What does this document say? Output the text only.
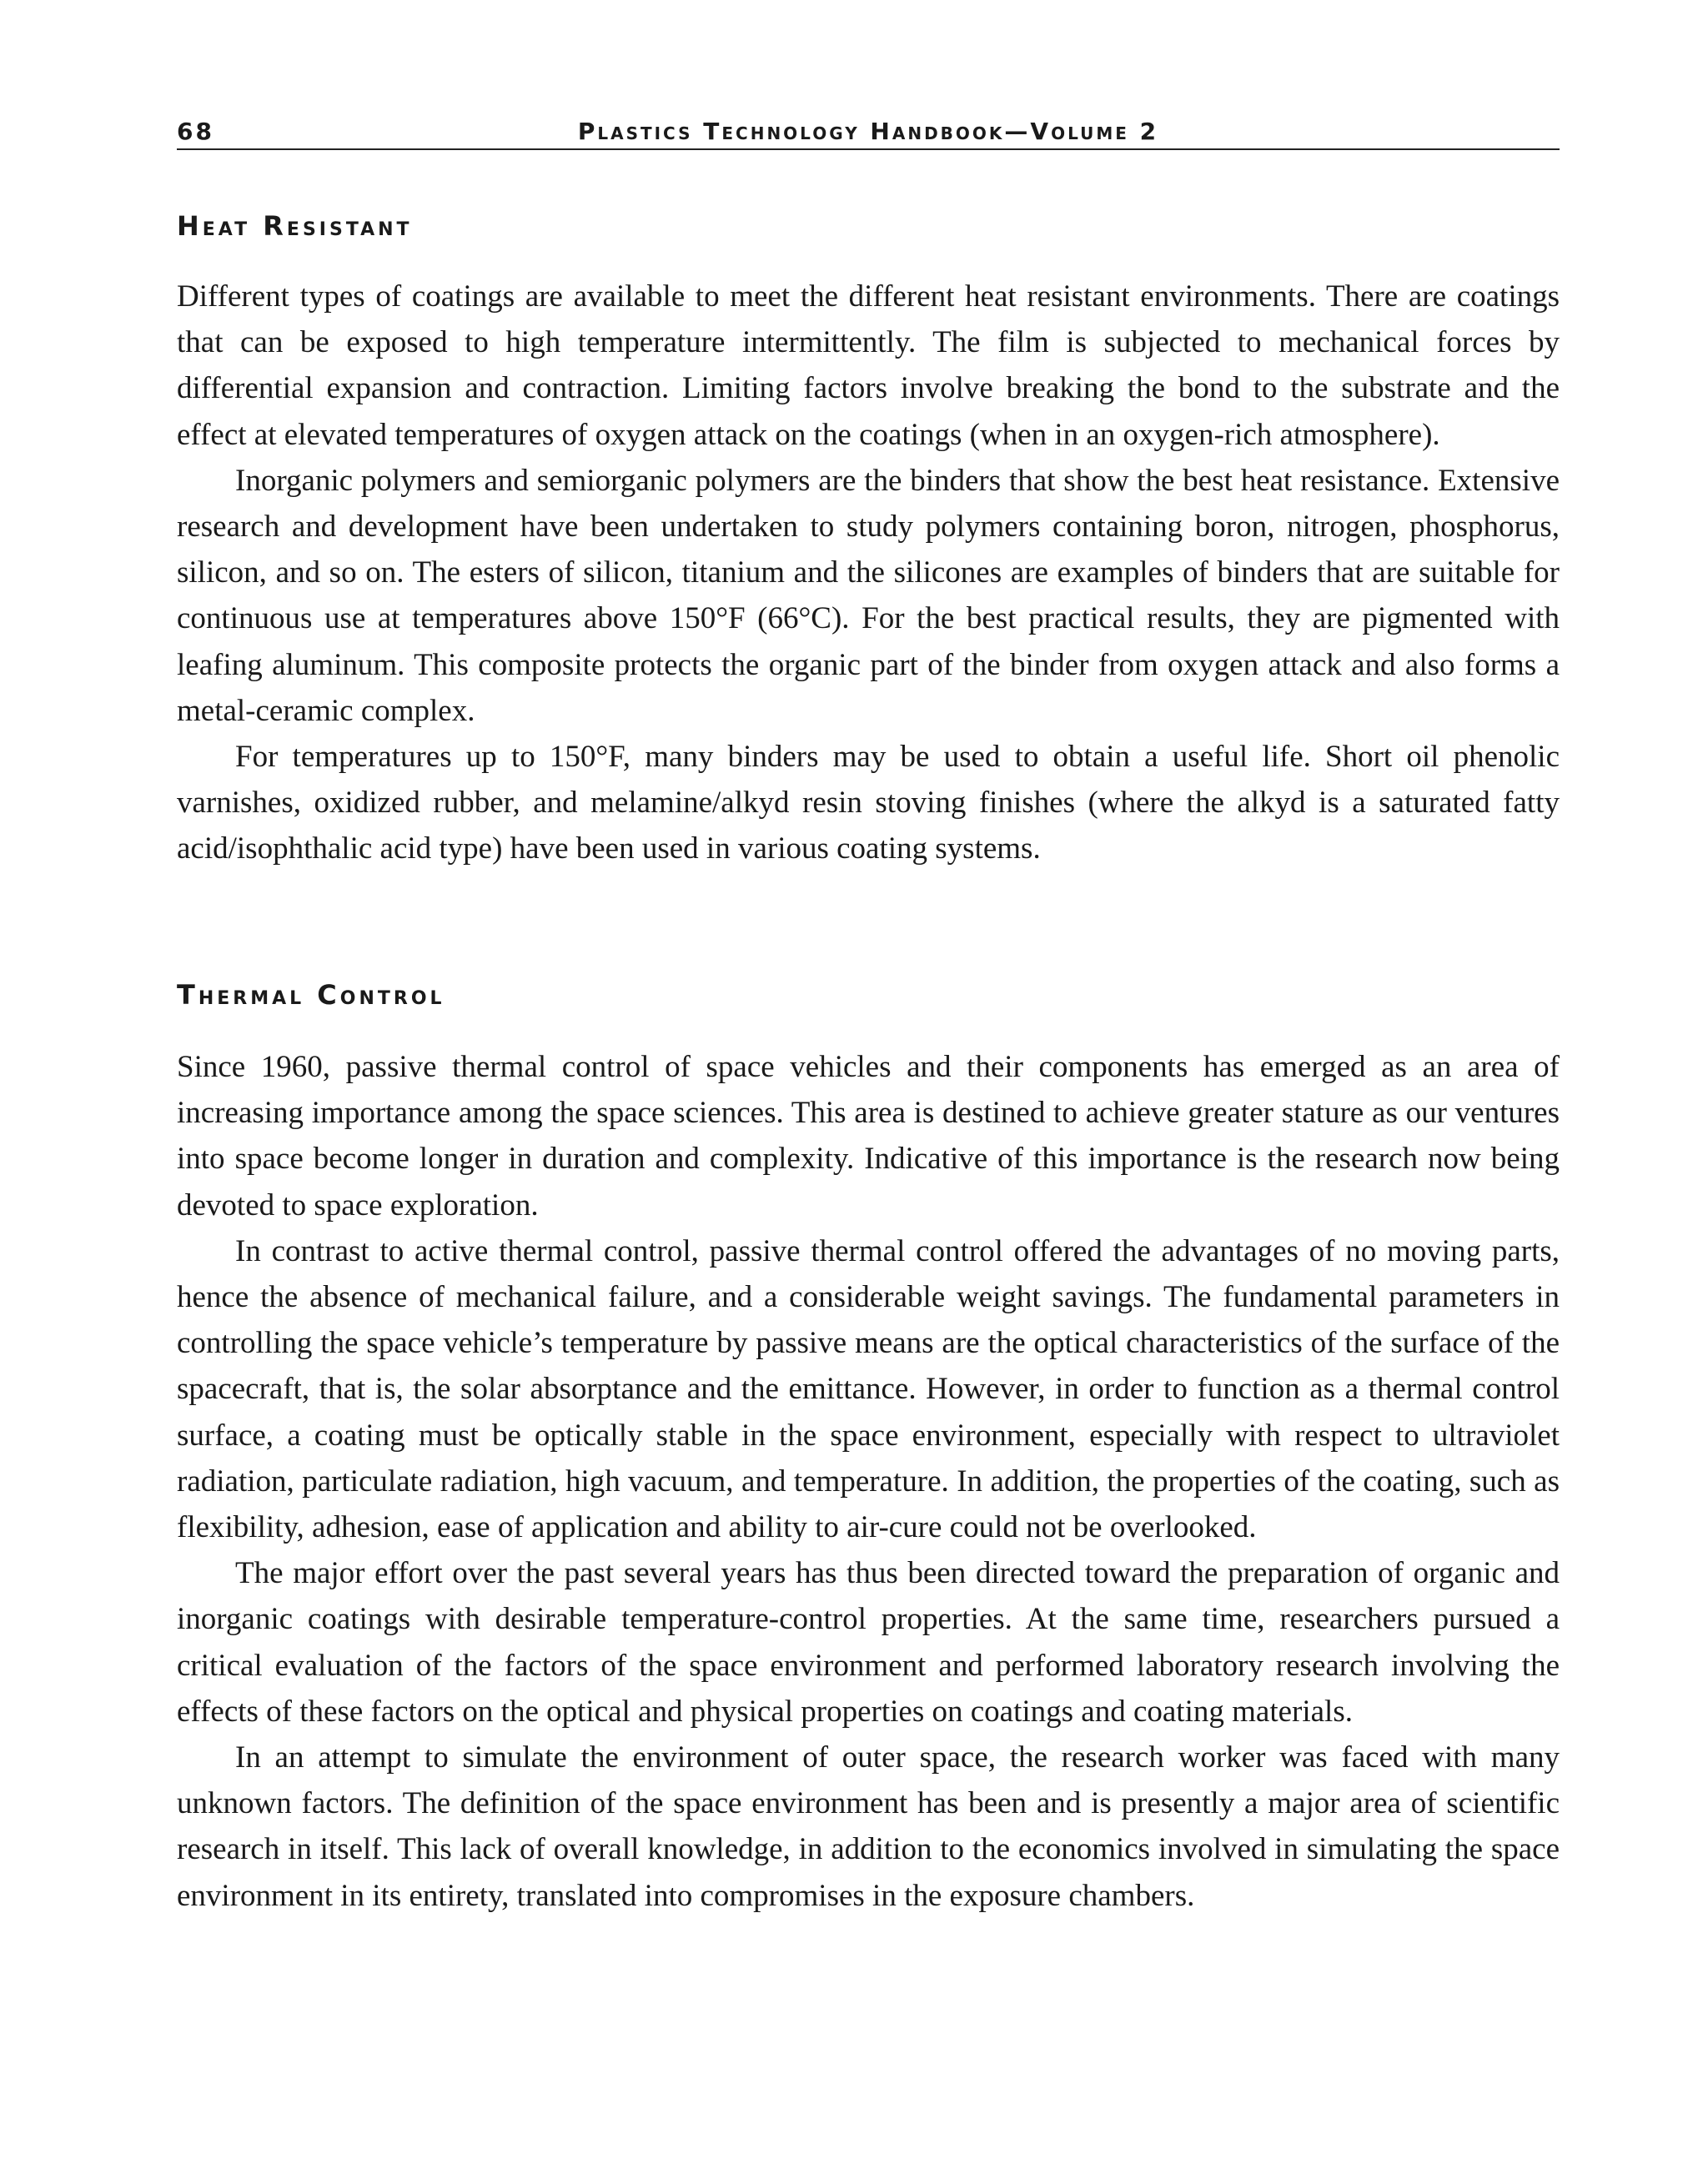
68	Plastics Technology Handbook—Volume 2
Heat Resistant

Different types of coatings are available to meet the different heat resistant environments. There are coatings that can be exposed to high temperature intermittently. The film is subjected to mechanical forces by differential expansion and contraction. Limiting factors involve breaking the bond to the substrate and the effect at elevated temperatures of oxygen attack on the coatings (when in an oxygen-rich atmosphere).

Inorganic polymers and semiorganic polymers are the binders that show the best heat resistance. Extensive research and development have been undertaken to study polymers containing boron, nitrogen, phosphorus, silicon, and so on. The esters of silicon, titanium and the silicones are examples of binders that are suitable for continuous use at temperatures above 150°F (66°C). For the best practical results, they are pigmented with leafing aluminum. This composite protects the organic part of the binder from oxygen attack and also forms a metal-ceramic complex.

For temperatures up to 150°F, many binders may be used to obtain a useful life. Short oil phenolic varnishes, oxidized rubber, and melamine/alkyd resin stoving finishes (where the alkyd is a saturated fatty acid/isophthalic acid type) have been used in various coating systems.

Thermal Control

Since 1960, passive thermal control of space vehicles and their components has emerged as an area of increasing importance among the space sciences. This area is destined to achieve greater stature as our ventures into space become longer in duration and complexity. Indicative of this importance is the research now being devoted to space exploration.

In contrast to active thermal control, passive thermal control offered the advantages of no moving parts, hence the absence of mechanical failure, and a considerable weight savings. The fundamental parameters in controlling the space vehicle’s temperature by passive means are the optical characteristics of the surface of the spacecraft, that is, the solar absorptance and the emittance. However, in order to function as a thermal control surface, a coating must be optically stable in the space environment, especially with respect to ultraviolet radiation, particulate radiation, high vacuum, and temperature. In addition, the properties of the coating, such as flexibility, adhesion, ease of application and ability to air-cure could not be overlooked.

The major effort over the past several years has thus been directed toward the preparation of organic and inorganic coatings with desirable temperature-control properties. At the same time, researchers pursued a critical evaluation of the factors of the space environment and performed laboratory research involving the effects of these factors on the optical and physical properties on coatings and coating materials.

In an attempt to simulate the environment of outer space, the research worker was faced with many unknown factors. The definition of the space environment has been and is presently a major area of scientific research in itself. This lack of overall knowledge, in addition to the economics involved in simulating the space environment in its entirety, translated into compromises in the exposure chambers.
